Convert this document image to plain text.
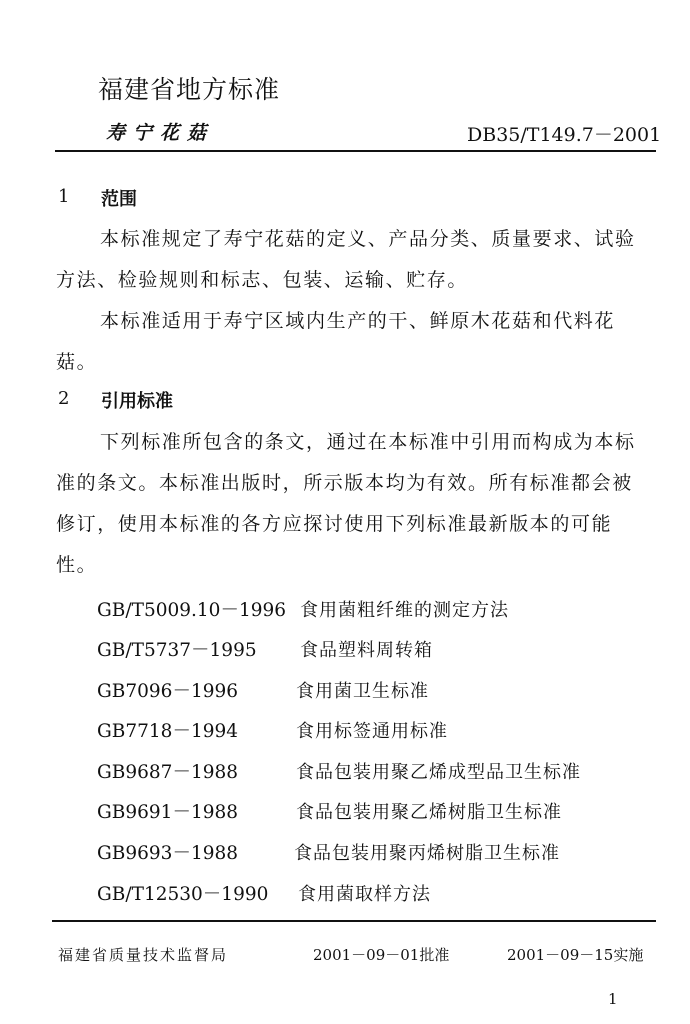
福建省地方标准
寿宁花菇	DB35/T149.7－2001
1 范围

本标准规定了寿宁花菇的定义、产品分类、质量要求、试验方法、检验规则和标志、包装、运输、贮存。

本标准适用于寿宁区域内生产的干、鲜原木花菇和代料花菇。

2 引用标准

下列标准所包含的条文，通过在本标准中引用而构成为本标准的条文。本标准出版时，所示版本均为有效。所有标准都会被修订，使用本标准的各方应探讨使用下列标准最新版本的可能性。

GB/T5009.10－1996 食用菌粗纤维的测定方法
GB/T5737－1995 食品塑料周转箱
GB7096－1996	食用菌卫生标准
GB7718－1994	食用标签通用标准
GB9687－1988	食品包装用聚乙烯成型品卫生标准
GB9691－1988	食品包装用聚乙烯树脂卫生标准
GB9693－1988	食品包装用聚丙烯树脂卫生标准
GB/T12530－1990 食用菌取样方法
福建省质量技术监督局	2001－09－01批准	2001－09－15实施
1
